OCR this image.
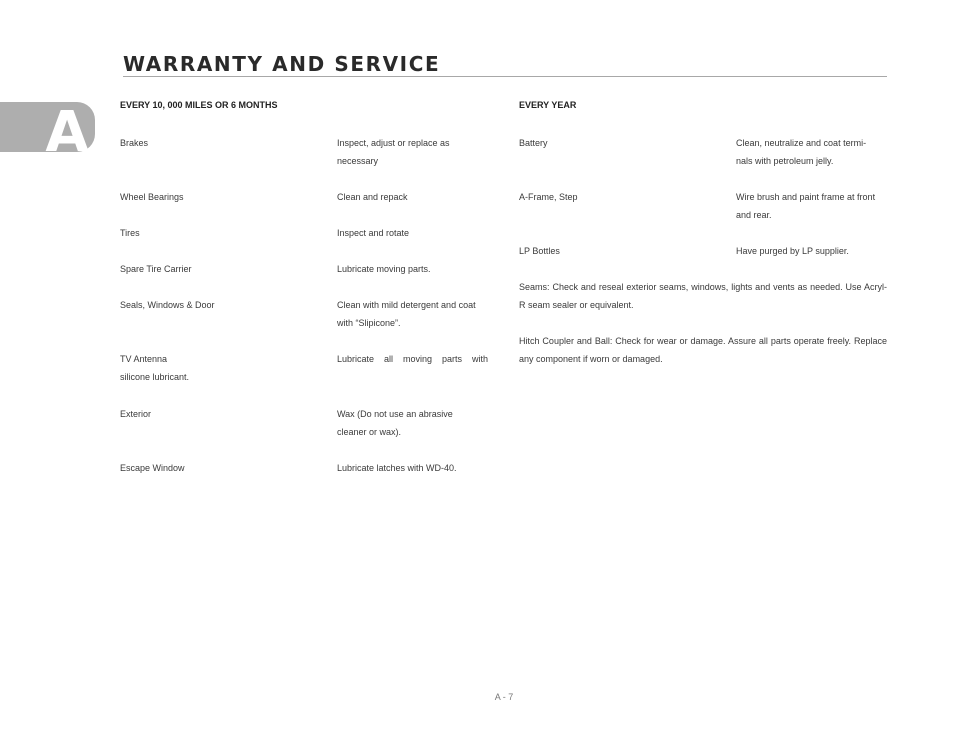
WARRANTY AND SERVICE
A	EVERY 10, 000 MILES OR 6 MONTHS
Brakes	Inspect, adjust or replace as necessary
Wheel Bearings	Clean and repack
Tires	Inspect and rotate
Spare Tire Carrier	Lubricate moving parts.
Seals, Windows & Door	Clean with mild detergent and coat with “Slipicone”.
TV Antenna	Lubricate all moving parts with
silicone lubricant.
Exterior	Wax (Do not use an abrasive cleaner or wax).
Escape Window	Lubricate latches with WD-40.
EVERY YEAR
Battery	Clean, neutralize and coat termi-nals with petroleum jelly.
A-Frame, Step	Wire brush and paint frame at front and rear.
LP Bottles	Have purged by LP supplier.
Seams: Check and reseal exterior seams, windows, lights and vents as needed. Use Acryl-R seam sealer or equivalent.
Hitch Coupler and Ball: Check for wear or damage. Assure all parts operate freely. Replace any component if worn or damaged.
A - 7
